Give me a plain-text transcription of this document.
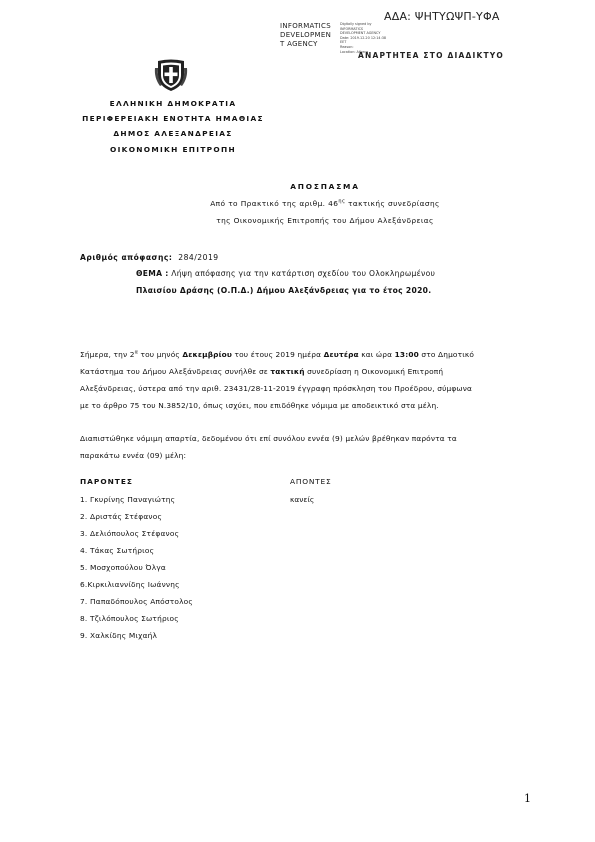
ΑΔΑ: ΨΗΤΥΩΨΠ-ΥΦΑ
INFORMATICS
DEVELOPMEN
T AGENCY
Digitally signed by
INFORMATICS
DEVELOPMENT AGENCY
Date: 2019.12.20 12:14:38
EET
Reason:
Location: Athens
ΑΝΑΡΤΗΤΕΑ ΣΤΟ ΔΙΑΔΙΚΤΥΟ
ΕΛΛΗΝΙΚΗ ΔΗΜΟΚΡΑΤΙΑ
ΠΕΡΙΦΕΡΕΙΑΚΗ ΕΝΟΤΗΤΑ ΗΜΑΘΙΑΣ
ΔΗΜΟΣ ΑΛΕΞΑΝΔΡΕΙΑΣ
ΟΙΚΟΝΟΜΙΚΗ ΕΠΙΤΡΟΠΗ
ΑΠΟΣΠΑΣΜΑ
Από το Πρακτικό της αριθμ. $46^{\eta\varsigma}$ τακτικής συνεδρίασης
της Οικονομικής Επιτροπής του Δήμου Αλεξάνδρειας
Αριθμός απόφασης: 284/2019
ΘΕΜΑ : Λήψη απόφασης για την κατάρτιση σχεδίου του Ολοκληρωμένου
Πλαισίου Δράσης (Ο.Π.Δ.) Δήμου Αλεξάνδρειας για το έτος 2020.
Σήμερα, την $2^\alpha$ του μηνός Δεκεμβρίου του έτους 2019 ημέρα Δευτέρα και ώρα 13:00 στο Δημοτικό
Κατάστημα του Δήμου Αλεξάνδρειας συνήλθε σε τακτική συνεδρίαση η Οικονομική Επιτροπή
Αλεξάνδρειας, ύστερα από την αριθ. 23431/28-11-2019 έγγραφη πρόσκληση του Προέδρου, σύμφωνα
με το άρθρο 75 του Ν.3852/10, όπως ισχύει, που επιδόθηκε νόμιμα με αποδεικτικό στα μέλη.
Διαπιστώθηκε νόμιμη απαρτία, δεδομένου ότι επί συνόλου εννέα (9) μελών βρέθηκαν παρόντα τα
παρακάτω εννέα (09) μέλη:
ΠΑΡΟΝΤΕΣ	ΑΠΟΝΤΕΣ
κανείς
1. Γκυρίνης Παναγιώτης
2. Δριστάς Στέφανος
3. Δελιόπουλος Στέφανος
4. Τάκας Σωτήριος
5. Μοσχοπούλου Όλγα
6.Κιρκιλιαννίδης Ιωάννης
7. Παπαδόπουλος Απόστολος
8. Τζιλόπουλος Σωτήριος
9. Χαλκίδης Μιχαήλ
1
